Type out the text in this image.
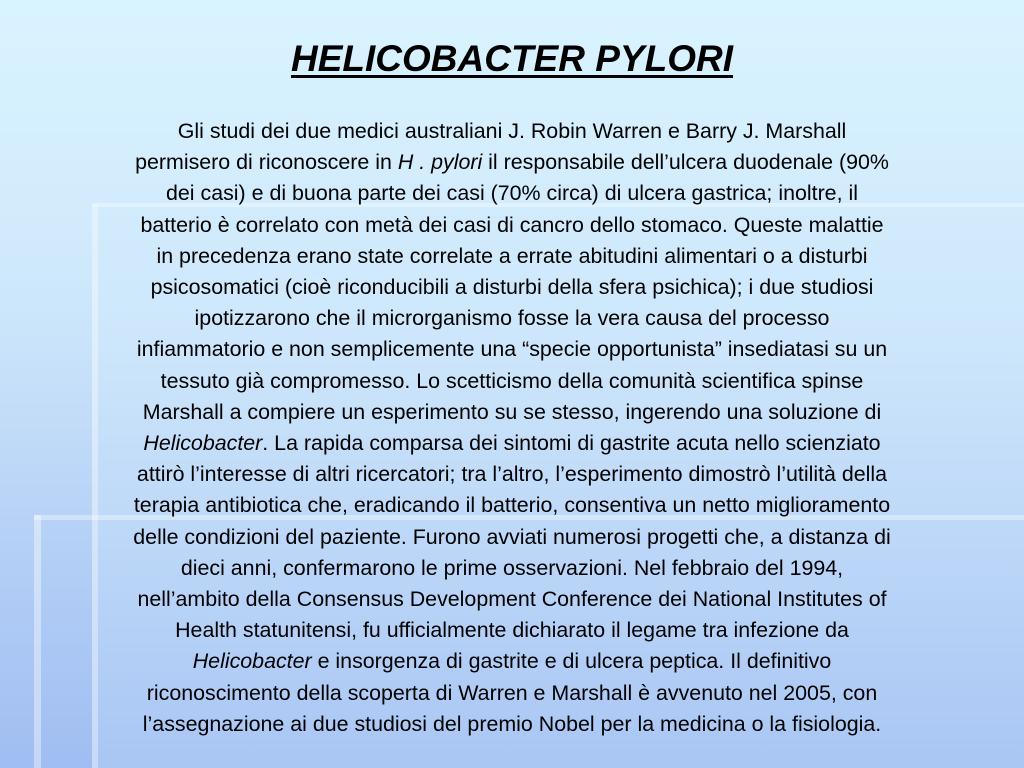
HELICOBACTER PYLORI

Gli studi dei due medici australiani J. Robin Warren e Barry J. Marshall
permisero di riconoscere in H . pylori il responsabile dell’ulcera duodenale (90%
dei casi) e di buona parte dei casi (70% circa) di ulcera gastrica; inoltre, il
batterio è correlato con metà dei casi di cancro dello stomaco. Queste malattie
in precedenza erano state correlate a errate abitudini alimentari o a disturbi
psicosomatici (cioè riconducibili a disturbi della sfera psichica); i due studiosi
ipotizzarono che il microrganismo fosse la vera causa del processo
infiammatorio e non semplicemente una “specie opportunista” insediatasi su un
tessuto già compromesso. Lo scetticismo della comunità scientifica spinse
Marshall a compiere un esperimento su se stesso, ingerendo una soluzione di
Helicobacter. La rapida comparsa dei sintomi di gastrite acuta nello scienziato
attirò l’interesse di altri ricercatori; tra l’altro, l’esperimento dimostrò l’utilità della
terapia antibiotica che, eradicando il batterio, consentiva un netto miglioramento
delle condizioni del paziente. Furono avviati numerosi progetti che, a distanza di
dieci anni, confermarono le prime osservazioni. Nel febbraio del 1994,
nell’ambito della Consensus Development Conference dei National Institutes of
Health statunitensi, fu ufficialmente dichiarato il legame tra infezione da
Helicobacter e insorgenza di gastrite e di ulcera peptica. Il definitivo
riconoscimento della scoperta di Warren e Marshall è avvenuto nel 2005, con
l’assegnazione ai due studiosi del premio Nobel per la medicina o la fisiologia.
